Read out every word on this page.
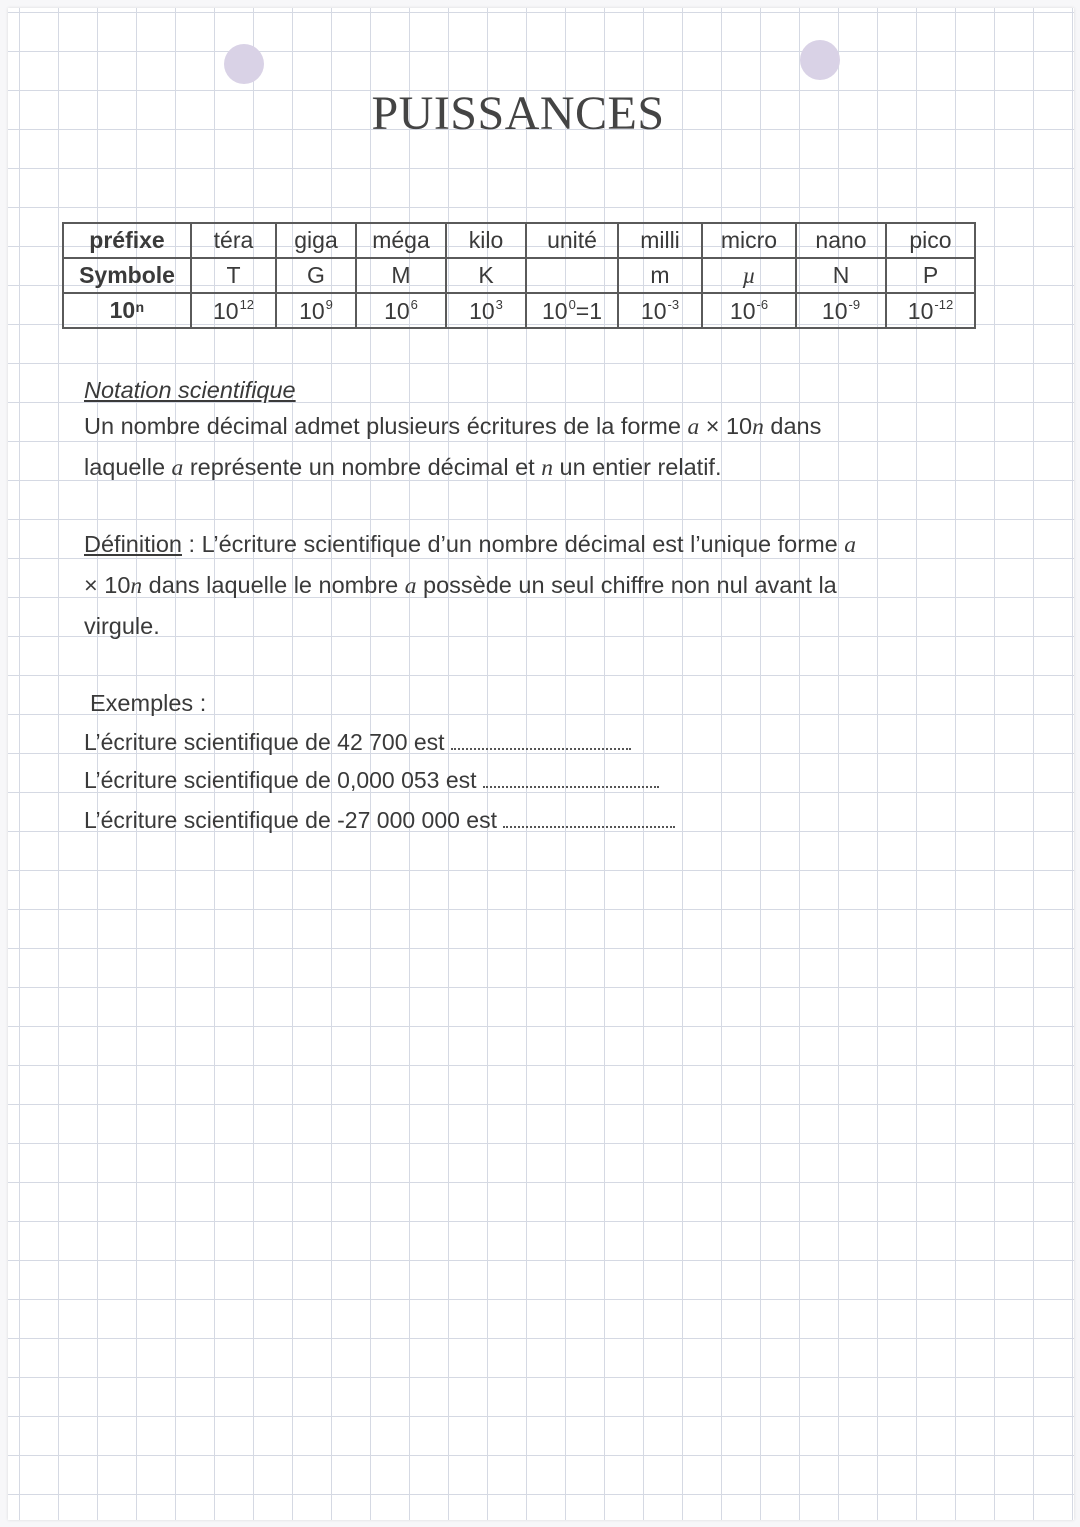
PUISSANCES
préfixe	téra	giga	méga	kilo	unité	milli	micro	nano	pico
Symbole	T	G	M	K		m	µ	N	P
10ⁿ	$10^{12}$	$10^9$	$10^6$	$10^3$	$10^0=1$	$10^{-3}$	$10^{-6}$	$10^{-9}$	$10^{-12}$
Notation scientifique
Un nombre décimal admet plusieurs écritures de la forme a × 10n dans
laquelle a représente un nombre décimal et n un entier relatif.
Définition : L’écriture scientifique d’un nombre décimal est l’unique forme a
× 10n dans laquelle le nombre a possède un seul chiffre non nul avant la
virgule.
Exemples :
L’écriture scientifique de 42 700 est
L’écriture scientifique de 0,000 053 est
L’écriture scientifique de -27 000 000 est
